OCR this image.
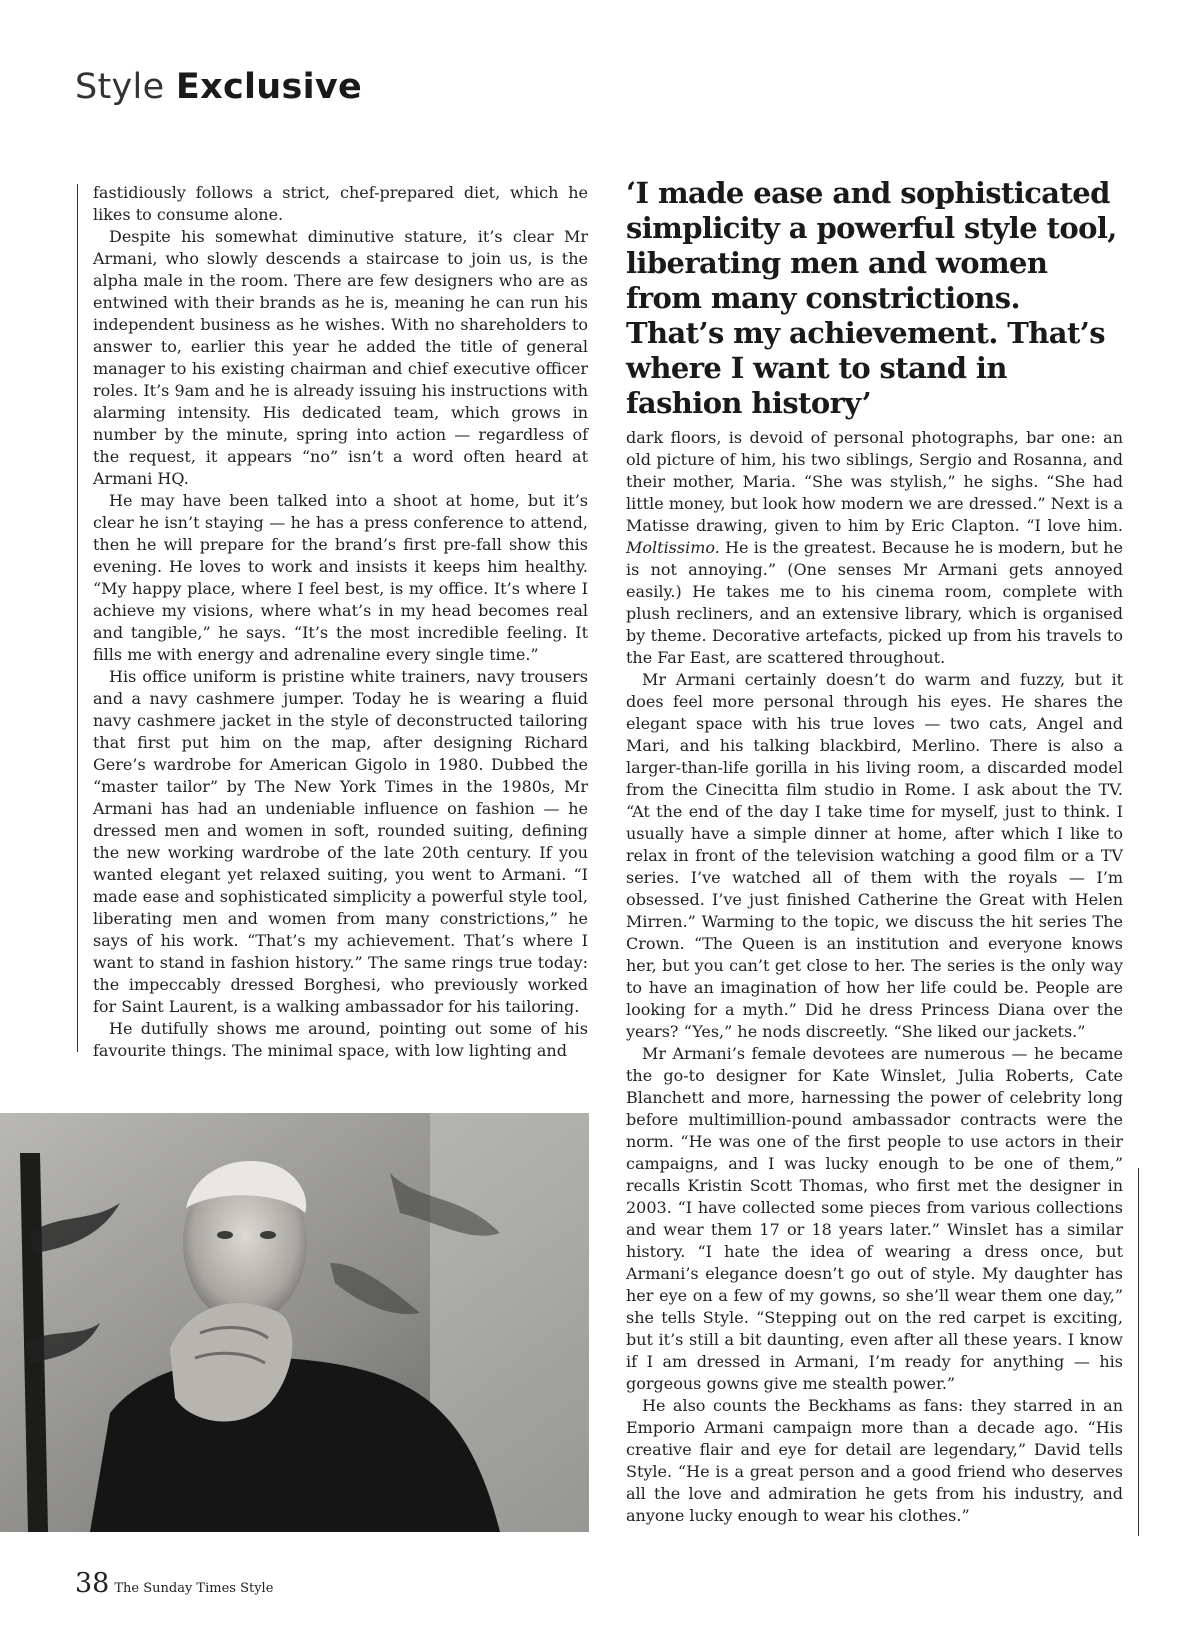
Style Exclusive

fastidiously follows a strict, chef-prepared diet, which he likes to consume alone.

Despite his somewhat diminutive stature, it’s clear Mr Armani, who slowly descends a staircase to join us, is the alpha male in the room. There are few designers who are as entwined with their brands as he is, meaning he can run his independent business as he wishes. With no shareholders to answer to, earlier this year he added the title of general manager to his existing chairman and chief executive officer roles. It’s 9am and he is already issuing his instructions with alarming intensity. His dedicated team, which grows in number by the minute, spring into action — regardless of the request, it appears “no” isn’t a word often heard at Armani HQ.

He may have been talked into a shoot at home, but it’s clear he isn’t staying — he has a press conference to attend, then he will prepare for the brand’s first pre-fall show this evening. He loves to work and insists it keeps him healthy. “My happy place, where I feel best, is my office. It’s where I achieve my visions, where what’s in my head becomes real and tangible,” he says. “It’s the most incredible feeling. It fills me with energy and adrenaline every single time.”

His office uniform is pristine white trainers, navy trousers and a navy cashmere jumper. Today he is wearing a fluid navy cashmere jacket in the style of deconstructed tailoring that first put him on the map, after designing Richard Gere’s wardrobe for American Gigolo in 1980. Dubbed the “master tailor” by The New York Times in the 1980s, Mr Armani has had an undeniable influence on fashion — he dressed men and women in soft, rounded suiting, defining the new working wardrobe of the late 20th century. If you wanted elegant yet relaxed suiting, you went to Armani. “I made ease and sophisticated simplicity a powerful style tool, liberating men and women from many constrictions,” he says of his work. “That’s my achievement. That’s where I want to stand in fashion history.” The same rings true today: the impeccably dressed Borghesi, who previously worked for Saint Laurent, is a walking ambassador for his tailoring.

He dutifully shows me around, pointing out some of his favourite things. The minimal space, with low lighting and

‘I made ease and sophisticated simplicity a powerful style tool, liberating men and women from many constrictions. That’s my achievement. That’s where I want to stand in fashion history’

dark floors, is devoid of personal photographs, bar one: an old picture of him, his two siblings, Sergio and Rosanna, and their mother, Maria. “She was stylish,” he sighs. “She had little money, but look how modern we are dressed.” Next is a Matisse drawing, given to him by Eric Clapton. “I love him. Moltissimo. He is the greatest. Because he is modern, but he is not annoying.” (One senses Mr Armani gets annoyed easily.) He takes me to his cinema room, complete with plush recliners, and an extensive library, which is organised by theme. Decorative artefacts, picked up from his travels to the Far East, are scattered throughout.

Mr Armani certainly doesn’t do warm and fuzzy, but it does feel more personal through his eyes. He shares the elegant space with his true loves — two cats, Angel and Mari, and his talking blackbird, Merlino. There is also a larger-than-life gorilla in his living room, a discarded model from the Cinecitta film studio in Rome. I ask about the TV. “At the end of the day I take time for myself, just to think. I usually have a simple dinner at home, after which I like to relax in front of the television watching a good film or a TV series. I’ve watched all of them with the royals — I’m obsessed. I’ve just finished Catherine the Great with Helen Mirren.” Warming to the topic, we discuss the hit series The Crown. “The Queen is an institution and everyone knows her, but you can’t get close to her. The series is the only way to have an imagination of how her life could be. People are looking for a myth.” Did he dress Princess Diana over the years? “Yes,” he nods discreetly. “She liked our jackets.”

Mr Armani’s female devotees are numerous — he became the go-to designer for Kate Winslet, Julia Roberts, Cate Blanchett and more, harnessing the power of celebrity long before multimillion-pound ambassador contracts were the norm. “He was one of the first people to use actors in their campaigns, and I was lucky enough to be one of them,” recalls Kristin Scott Thomas, who first met the designer in 2003. “I have collected some pieces from various collections and wear them 17 or 18 years later.” Winslet has a similar history. “I hate the idea of wearing a dress once, but Armani’s elegance doesn’t go out of style. My daughter has her eye on a few of my gowns, so she’ll wear them one day,” she tells Style. “Stepping out on the red carpet is exciting, but it’s still a bit daunting, even after all these years. I know if I am dressed in Armani, I’m ready for anything — his gorgeous gowns give me stealth power.”

He also counts the Beckhams as fans: they starred in an Emporio Armani campaign more than a decade ago. “His creative flair and eye for detail are legendary,” David tells Style. “He is a great person and a good friend who deserves all the love and admiration he gets from his industry, and anyone lucky enough to wear his clothes.”

38 The Sunday Times Style
